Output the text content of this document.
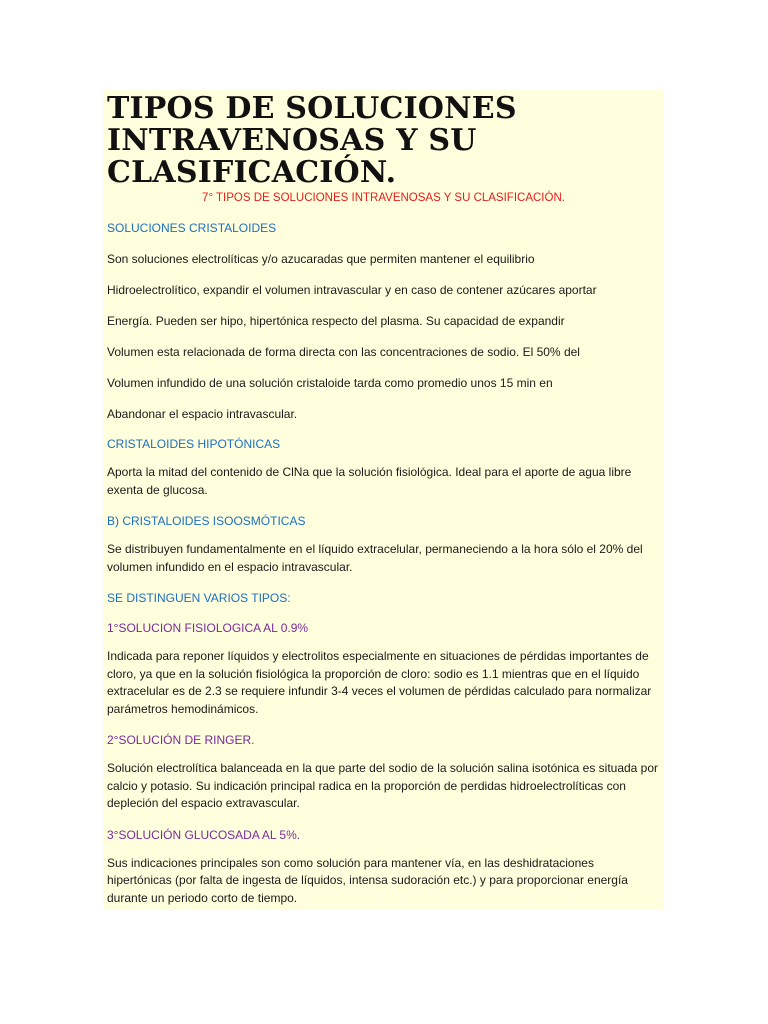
TIPOS DE SOLUCIONES
INTRAVENOSAS Y SU
CLASIFICACIÓN.
7° TIPOS DE SOLUCIONES INTRAVENOSAS Y SU CLASIFICACIÓN.
SOLUCIONES CRISTALOIDES
Son soluciones electrolíticas y/o azucaradas que permiten mantener el equilibrio
Hidroelectrolítico, expandir el volumen intravascular y en caso de contener azúcares aportar
Energía. Pueden ser hipo, hipertónica respecto del plasma. Su capacidad de expandir
Volumen esta relacionada de forma directa con las concentraciones de sodio. El 50% del
Volumen infundido de una solución cristaloide tarda como promedio unos 15 min en
Abandonar el espacio intravascular.
CRISTALOIDES HIPOTÓNICAS
Aporta la mitad del contenido de ClNa que la solución fisiológica. Ideal para el aporte de agua libre exenta de glucosa.
B) CRISTALOIDES ISOOSMÓTICAS
Se distribuyen fundamentalmente en el líquido extracelular, permaneciendo a la hora sólo el 20% del volumen infundido en el espacio intravascular.
SE DISTINGUEN VARIOS TIPOS:
1°SOLUCION FISIOLOGICA AL 0.9%
Indicada para reponer líquidos y electrolitos especialmente en situaciones de pérdidas importantes de cloro, ya que en la solución fisiológica la proporción de cloro: sodio es 1.1 mientras que en el líquido extracelular es de 2.3 se requiere infundir 3-4 veces el volumen de pérdidas calculado para normalizar parámetros hemodinámicos.
2°SOLUCIÓN DE RINGER.
Solución electrolítica balanceada en la que parte del sodio de la solución salina isotónica es situada por calcio y potasio. Su indicación principal radica en la proporción de perdidas hidroelectrolíticas con depleción del espacio extravascular.
3°SOLUCIÓN GLUCOSADA AL 5%.
Sus indicaciones principales son como solución para mantener vía, en las deshidrataciones hipertónicas (por falta de ingesta de líquidos, intensa sudoración etc.) y para proporcionar energía durante un periodo corto de tiempo.
